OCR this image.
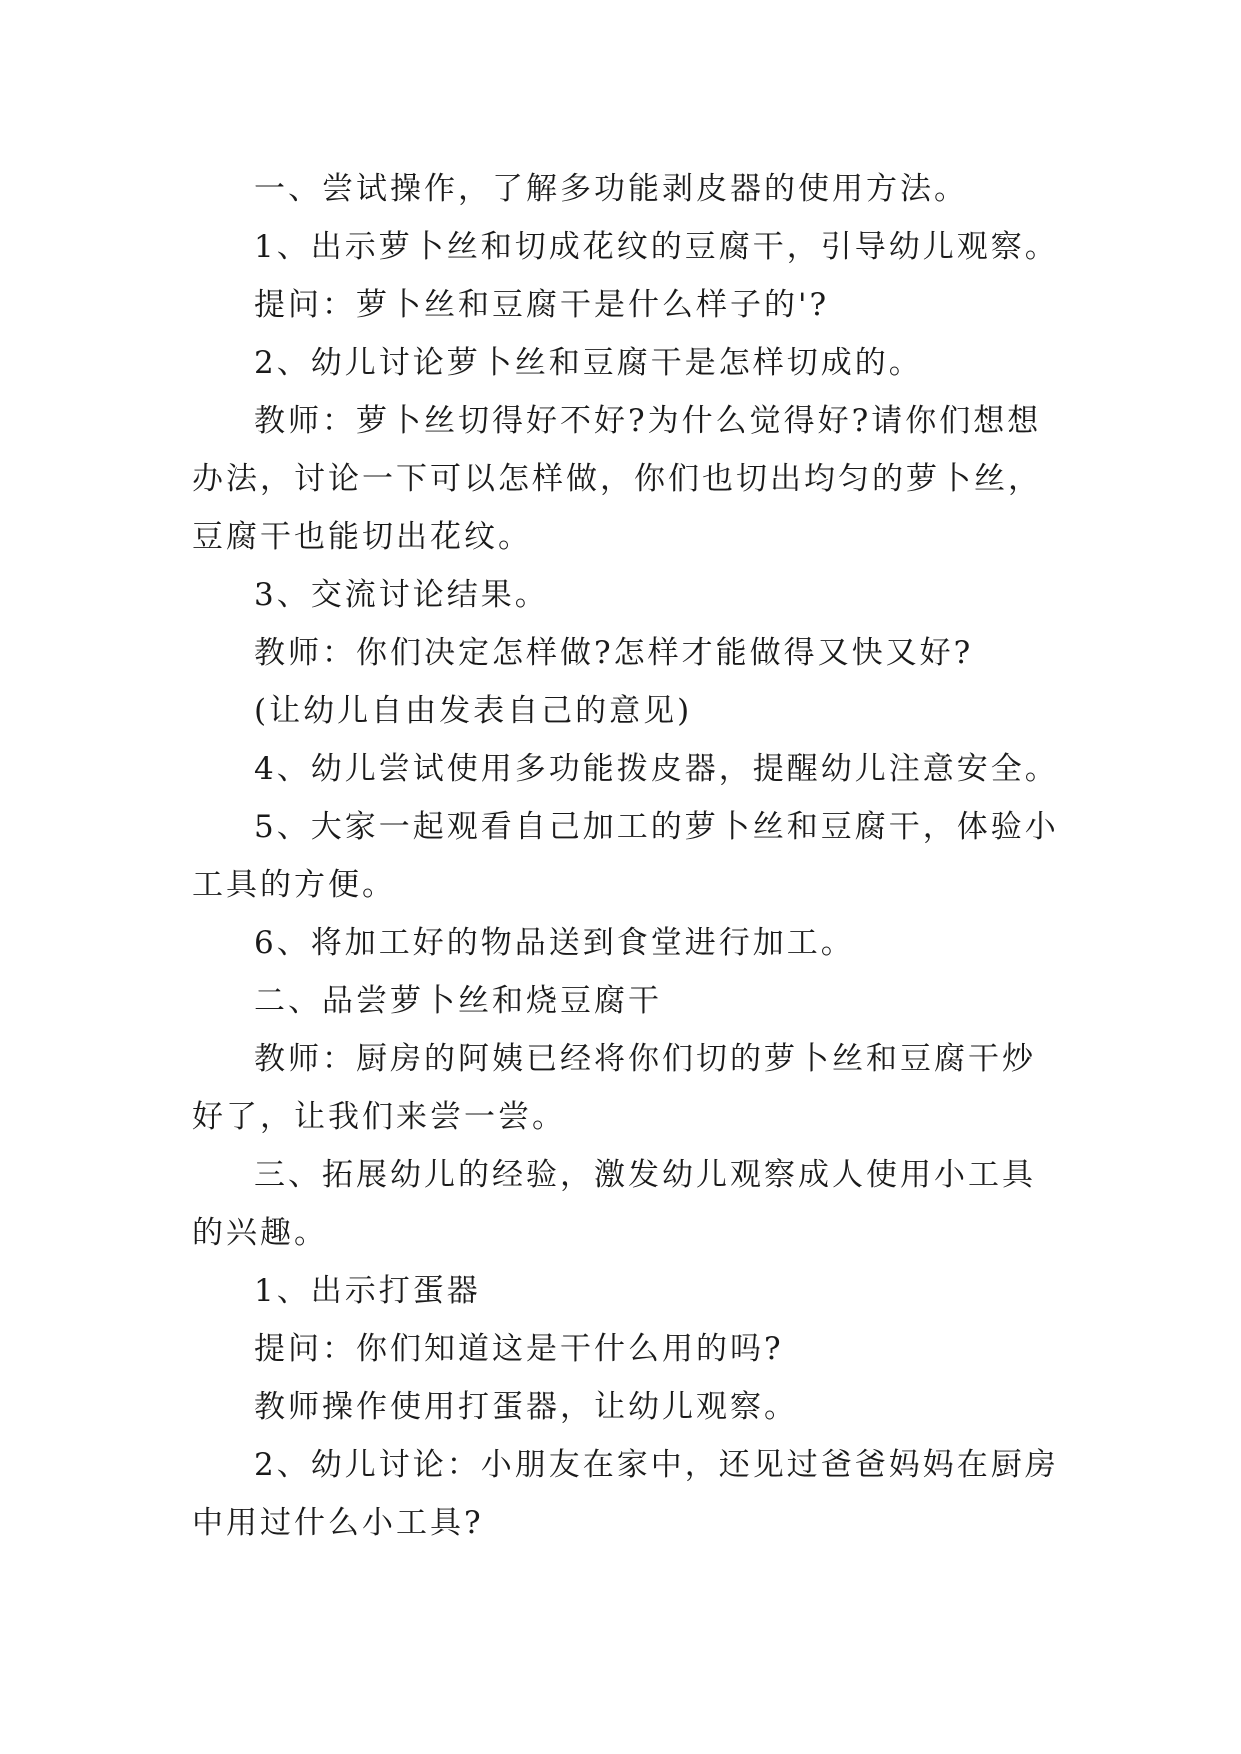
一、尝试操作，了解多功能剥皮器的使用方法。

1、出示萝卜丝和切成花纹的豆腐干，引导幼儿观察。

提问：萝卜丝和豆腐干是什么样子的'?

2、幼儿讨论萝卜丝和豆腐干是怎样切成的。

教师：萝卜丝切得好不好?为什么觉得好?请你们想想办法，讨论一下可以怎样做，你们也切出均匀的萝卜丝，豆腐干也能切出花纹。

3、交流讨论结果。

教师：你们决定怎样做?怎样才能做得又快又好?

(让幼儿自由发表自己的意见)

4、幼儿尝试使用多功能拨皮器，提醒幼儿注意安全。

5、大家一起观看自己加工的萝卜丝和豆腐干，体验小工具的方便。

6、将加工好的物品送到食堂进行加工。

二、品尝萝卜丝和烧豆腐干

教师：厨房的阿姨已经将你们切的萝卜丝和豆腐干炒好了，让我们来尝一尝。

三、拓展幼儿的经验，激发幼儿观察成人使用小工具的兴趣。

1、出示打蛋器

提问：你们知道这是干什么用的吗?

教师操作使用打蛋器，让幼儿观察。

2、幼儿讨论：小朋友在家中，还见过爸爸妈妈在厨房中用过什么小工具?
